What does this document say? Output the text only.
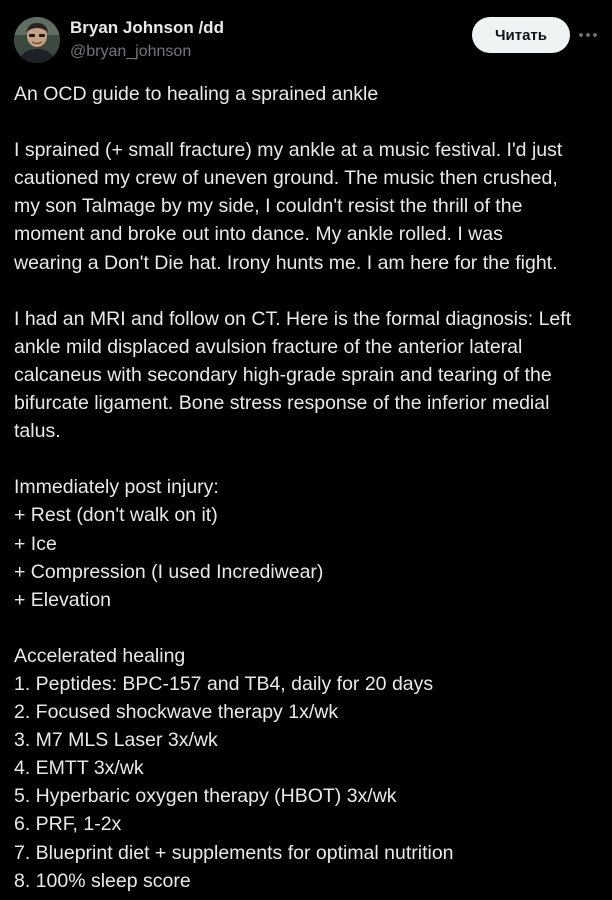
Bryan Johnson /dd
@bryan_johnson
Читать
An OCD guide to healing a sprained ankle

I sprained (+ small fracture) my ankle at a music festival. I'd just
cautioned my crew of uneven ground. The music then crushed,
my son Talmage by my side, I couldn't resist the thrill of the
moment and broke out into dance. My ankle rolled. I was
wearing a Don't Die hat. Irony hunts me. I am here for the fight.

I had an MRI and follow on CT. Here is the formal diagnosis: Left
ankle mild displaced avulsion fracture of the anterior lateral
calcaneus with secondary high-grade sprain and tearing of the
bifurcate ligament. Bone stress response of the inferior medial
talus.

Immediately post injury:
+ Rest (don't walk on it)
+ Ice
+ Compression (I used Incrediwear)
+ Elevation
Accelerated healing
1. Peptides: BPC-157 and TB4, daily for 20 days
2. Focused shockwave therapy 1x/wk
3. M7 MLS Laser 3x/wk
4. EMTT 3x/wk
5. Hyperbaric oxygen therapy (HBOT) 3x/wk
6. PRF, 1-2x
7. Blueprint diet + supplements for optimal nutrition
8. 100% sleep score
